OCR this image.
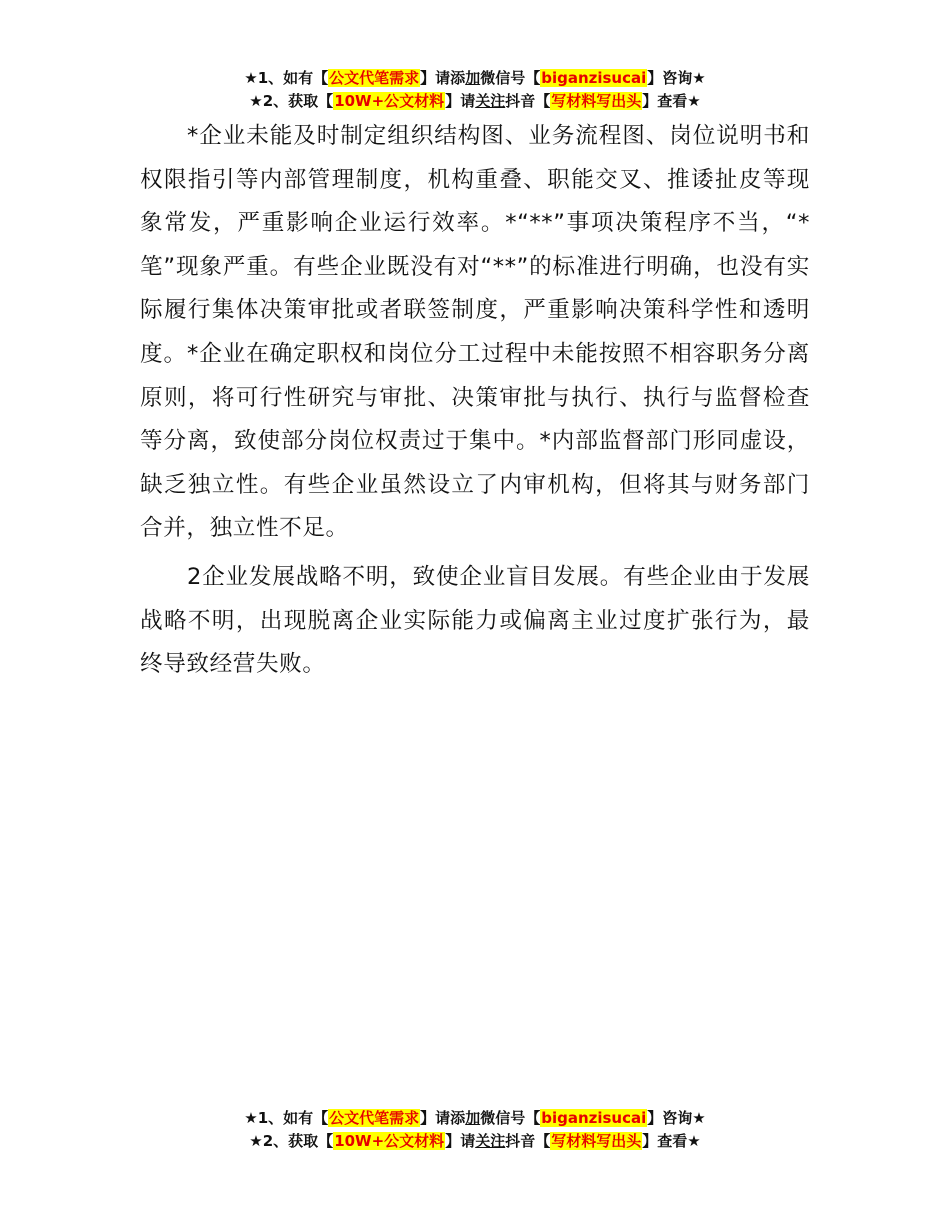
★1、如有【公文代笔需求】请添加微信号【biganzisucai】咨询★
★2、获取【10W+公文材料】请关注抖音【写材料写出头】查看★

*企业未能及时制定组织结构图、业务流程图、岗位说明书和权限指引等内部管理制度，机构重叠、职能交叉、推诿扯皮等现象常发，严重影响企业运行效率。*“**”事项决策程序不当，“*笔”现象严重。有些企业既没有对“**”的标准进行明确，也没有实际履行集体决策审批或者联签制度，严重影响决策科学性和透明度。*企业在确定职权和岗位分工过程中未能按照不相容职务分离原则，将可行性研究与审批、决策审批与执行、执行与监督检查等分离，致使部分岗位权责过于集中。*内部监督部门形同虚设，缺乏独立性。有些企业虽然设立了内审机构，但将其与财务部门合并，独立性不足。

2企业发展战略不明，致使企业盲目发展。有些企业由于发展战略不明，出现脱离企业实际能力或偏离主业过度扩张行为，最终导致经营失败。

★1、如有【公文代笔需求】请添加微信号【biganzisucai】咨询★
★2、获取【10W+公文材料】请关注抖音【写材料写出头】查看★
